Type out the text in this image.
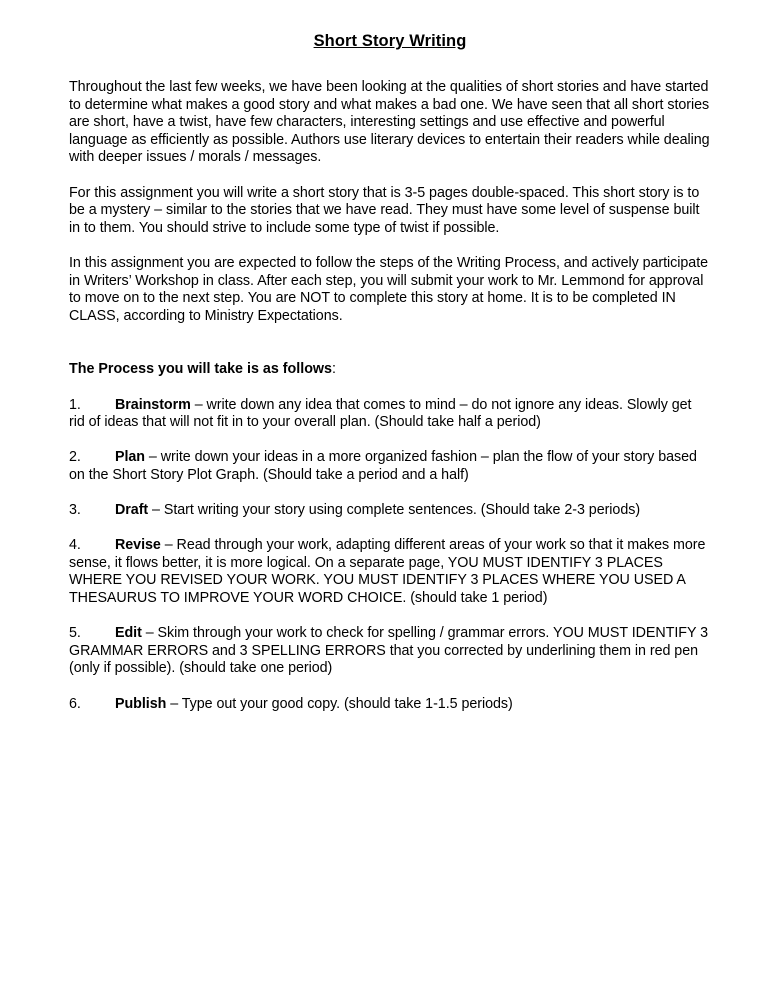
Short Story Writing

Throughout the last few weeks, we have been looking at the qualities of short stories and have started to determine what makes a good story and what makes a bad one. We have seen that all short stories are short, have a twist, have few characters, interesting settings and use effective and powerful language as efficiently as possible. Authors use literary devices to entertain their readers while dealing with deeper issues / morals / messages.

For this assignment you will write a short story that is 3-5 pages double-spaced. This short story is to be a mystery – similar to the stories that we have read. They must have some level of suspense built in to them. You should strive to include some type of twist if possible.

In this assignment you are expected to follow the steps of the Writing Process, and actively participate in Writers’ Workshop in class. After each step, you will submit your work to Mr. Lemmond for approval to move on to the next step. You are NOT to complete this story at home. It is to be completed IN CLASS, according to Ministry Expectations.

The Process you will take is as follows:
1. Brainstorm – write down any idea that comes to mind – do not ignore any ideas. Slowly get rid of ideas that will not fit in to your overall plan. (Should take half a period)
2. Plan – write down your ideas in a more organized fashion – plan the flow of your story based on the Short Story Plot Graph. (Should take a period and a half)
3. Draft – Start writing your story using complete sentences. (Should take 2-3 periods)
4. Revise – Read through your work, adapting different areas of your work so that it makes more sense, it flows better, it is more logical. On a separate page, YOU MUST IDENTIFY 3 PLACES WHERE YOU REVISED YOUR WORK. YOU MUST IDENTIFY 3 PLACES WHERE YOU USED A THESAURUS TO IMPROVE YOUR WORD CHOICE. (should take 1 period)
5. Edit – Skim through your work to check for spelling / grammar errors. YOU MUST IDENTIFY 3 GRAMMAR ERRORS and 3 SPELLING ERRORS that you corrected by underlining them in red pen (only if possible). (should take one period)
6. Publish – Type out your good copy. (should take 1-1.5 periods)
